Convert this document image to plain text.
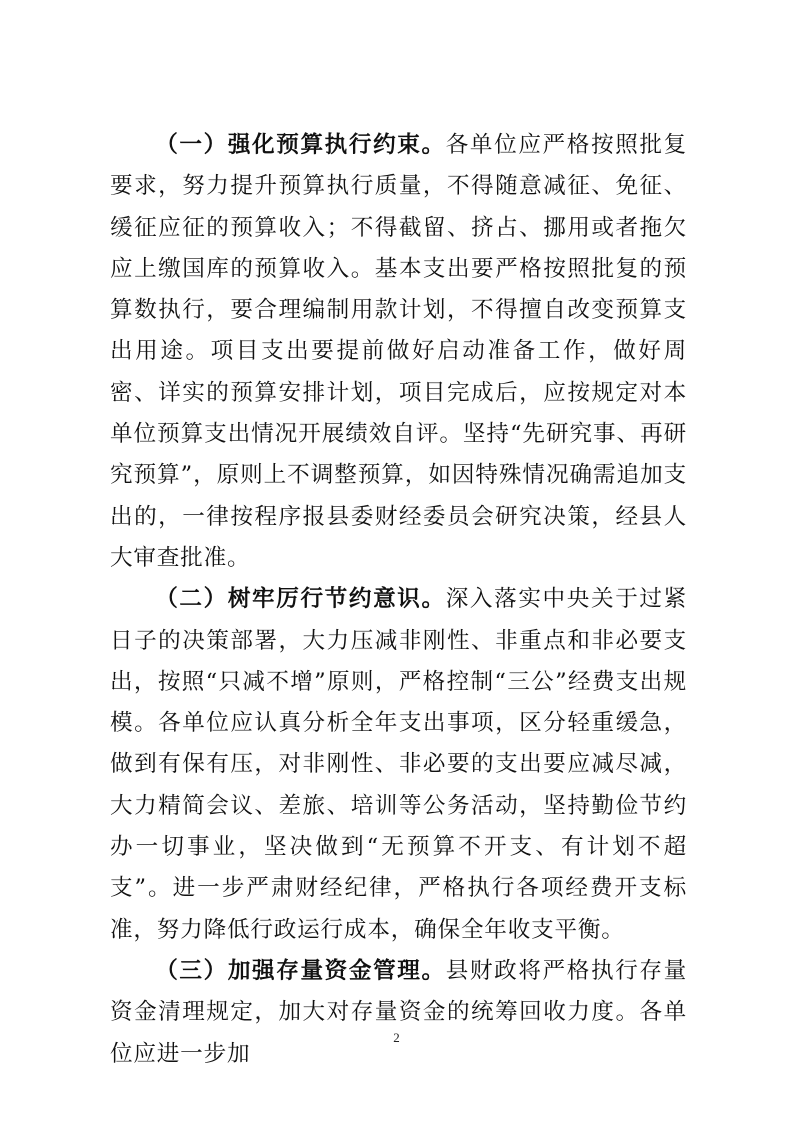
（一）强化预算执行约束。各单位应严格按照批复要求，努力提升预算执行质量，不得随意减征、免征、缓征应征的预算收入；不得截留、挤占、挪用或者拖欠应上缴国库的预算收入。基本支出要严格按照批复的预算数执行，要合理编制用款计划，不得擅自改变预算支出用途。项目支出要提前做好启动准备工作，做好周密、详实的预算安排计划，项目完成后，应按规定对本单位预算支出情况开展绩效自评。坚持“先研究事、再研究预算”，原则上不调整预算，如因特殊情况确需追加支出的，一律按程序报县委财经委员会研究决策，经县人大审查批准。

（二）树牢厉行节约意识。深入落实中央关于过紧日子的决策部署，大力压减非刚性、非重点和非必要支出，按照“只减不增”原则，严格控制“三公”经费支出规模。各单位应认真分析全年支出事项，区分轻重缓急，做到有保有压，对非刚性、非必要的支出要应减尽减，大力精简会议、差旅、培训等公务活动，坚持勤俭节约办一切事业，坚决做到“无预算不开支、有计划不超支”。进一步严肃财经纪律，严格执行各项经费开支标准，努力降低行政运行成本，确保全年收支平衡。

（三）加强存量资金管理。县财政将严格执行存量资金清理规定，加大对存量资金的统筹回收力度。各单位应进一步加

2
